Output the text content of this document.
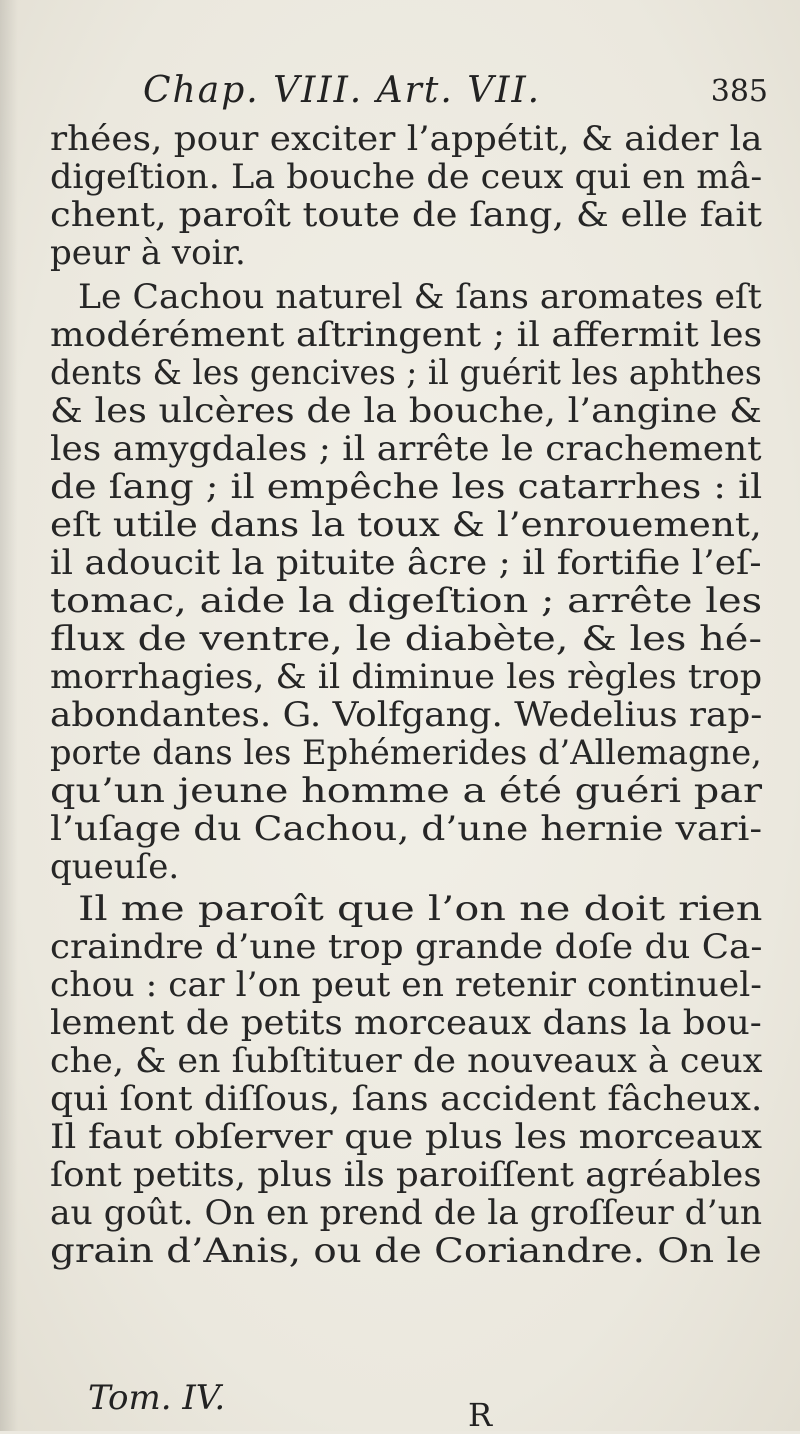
Chap. VIII. Art. VII.	385
rhées, pour exciter l’appétit, & aider la
digeſtion. La bouche de ceux qui en mâ-
chent, paroît toute de ſang, & elle fait
peur à voir.
Le Cachou naturel & ſans aromates eſt
modérément aſtringent ; il affermit les
dents & les gencives ; il guérit les aphthes
& les ulcères de la bouche, l’angine &
les amygdales ; il arrête le crachement
de ſang ; il empêche les catarrhes : il
eſt utile dans la toux & l’enrouement,
il adoucit la pituite âcre ; il fortifie l’eſ-
tomac, aide la digeſtion ; arrête les
flux de ventre, le diabète, & les hé-
morrhagies, & il diminue les règles trop
abondantes. G. Volfgang. Wedelius rap-
porte dans les Ephémerides d’Allemagne,
qu’un jeune homme a été guéri par
l’uſage du Cachou, d’une hernie vari-
queuſe.
Il me paroît que l’on ne doit rien
craindre d’une trop grande doſe du Ca-
chou : car l’on peut en retenir continuel-
lement de petits morceaux dans la bou-
che, & en ſubſtituer de nouveaux à ceux
qui ſont diſſous, ſans accident fâcheux.
Il faut obſerver que plus les morceaux
ſont petits, plus ils paroiſſent agréables
au goût. On en prend de la groſſeur d’un
grain d’Anis, ou de Coriandre. On le
Tom. IV.	R
